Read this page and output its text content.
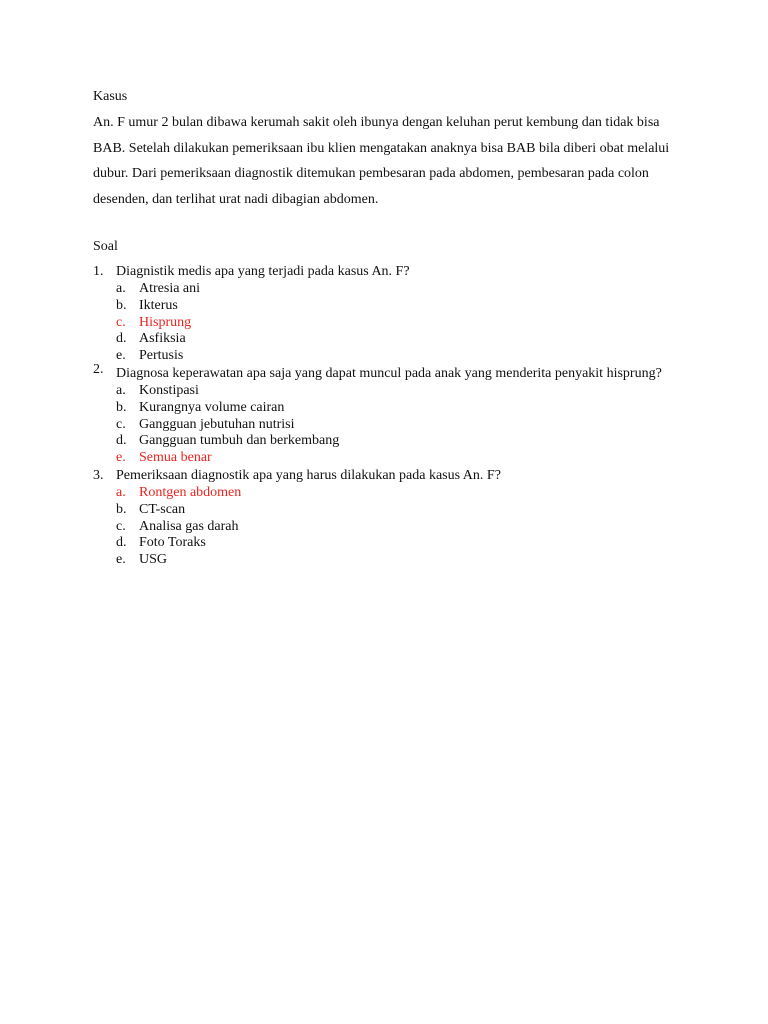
Kasus

An. F umur 2 bulan dibawa kerumah sakit oleh ibunya dengan keluhan perut kembung dan tidak bisa BAB. Setelah dilakukan pemeriksaan ibu klien mengatakan anaknya bisa BAB bila diberi obat melalui dubur. Dari pemeriksaan diagnostik ditemukan pembesaran pada abdomen, pembesaran pada colon desenden, dan terlihat urat nadi dibagian abdomen.

Soal
1. Diagnistik medis apa yang terjadi pada kasus An. F?
a. Atresia ani
b. Ikterus
c. Hisprung
d. Asfiksia
e. Pertusis
2. Diagnosa keperawatan apa saja yang dapat muncul pada anak yang menderita penyakit hisprung?
a. Konstipasi
b. Kurangnya volume cairan
c. Gangguan jebutuhan nutrisi
d. Gangguan tumbuh dan berkembang
e. Semua benar
3. Pemeriksaan diagnostik apa yang harus dilakukan pada kasus An. F?
a. Rontgen abdomen
b. CT-scan
c. Analisa gas darah
d. Foto Toraks
e. USG
